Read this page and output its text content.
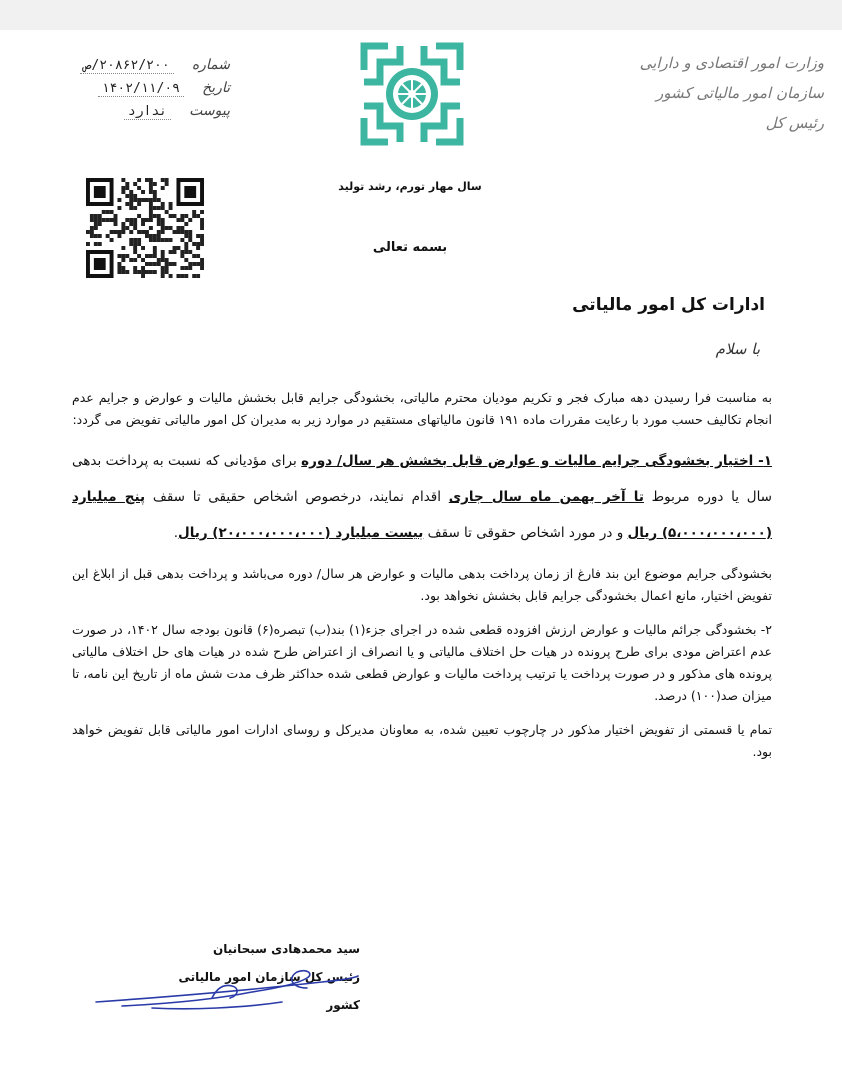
وزارت امور اقتصادی و دارایی
سازمان امور مالیاتی کشور
رئیس کل
سال مهار تورم، رشد تولید
بسمه تعالی
شماره ۲۰۸۶۲/۲۰۰/ص
تاریخ ۱۴۰۲/۱۱/۰۹
پیوست ندارد
ادارات کل امور مالیاتی
با سلام

به مناسبت فرا رسیدن دهه مبارک فجر و تکریم مودیان محترم مالیاتی، بخشودگی جرایم قابل بخشش مالیات و عوارض و جرایم عدم انجام تکالیف حسب مورد با رعایت مقررات ماده ۱۹۱ قانون مالیاتهای مستقیم در موارد زیر به مدیران کل امور مالیاتی تفویض می گردد:

۱- اختیار بخشودگی جرایم مالیات و عوارض قابل بخشش هر سال/ دوره برای مؤدیانی که نسبت به پرداخت بدهی سال یا دوره مربوط تا آخر بهمن ماه سال جاری اقدام نمایند، درخصوص اشخاص حقیقی تا سقف پنج میلیارد (۵،۰۰۰،۰۰۰،۰۰۰) ریال و در مورد اشخاص حقوقی تا سقف بیست میلیارد (۲۰،۰۰۰،۰۰۰،۰۰۰) ریال.

بخشودگی جرایم موضوع این بند فارغ از زمان پرداخت بدهی مالیات و عوارض هر سال/ دوره می‌باشد و پرداخت بدهی قبل از ابلاغ این تفویض اختیار، مانع اعمال بخشودگی جرایم قابل بخشش نخواهد بود.

۲- بخشودگی جرائم مالیات و عوارض ارزش افزوده قطعی شده در اجرای جزء(۱) بند(ب) تبصره(۶) قانون بودجه سال ۱۴۰۲، در صورت عدم اعتراض مودی برای طرح پرونده در هیات حل اختلاف مالیاتی و یا انصراف از اعتراض طرح شده در هیات های حل اختلاف مالیاتی پرونده های مذکور و در صورت پرداخت یا ترتیب پرداخت مالیات و عوارض قطعی شده حداکثر ظرف مدت شش ماه از تاریخ این نامه، تا میزان صد(۱۰۰) درصد.

تمام یا قسمتی از تفویض اختیار مذکور در چارچوب تعیین شده، به معاونان مدیرکل و روسای ادارات امور مالیاتی قابل تفویض خواهد بود.

سید محمدهادی سبحانیان
رئیس کل سازمان امور مالیاتی کشور
